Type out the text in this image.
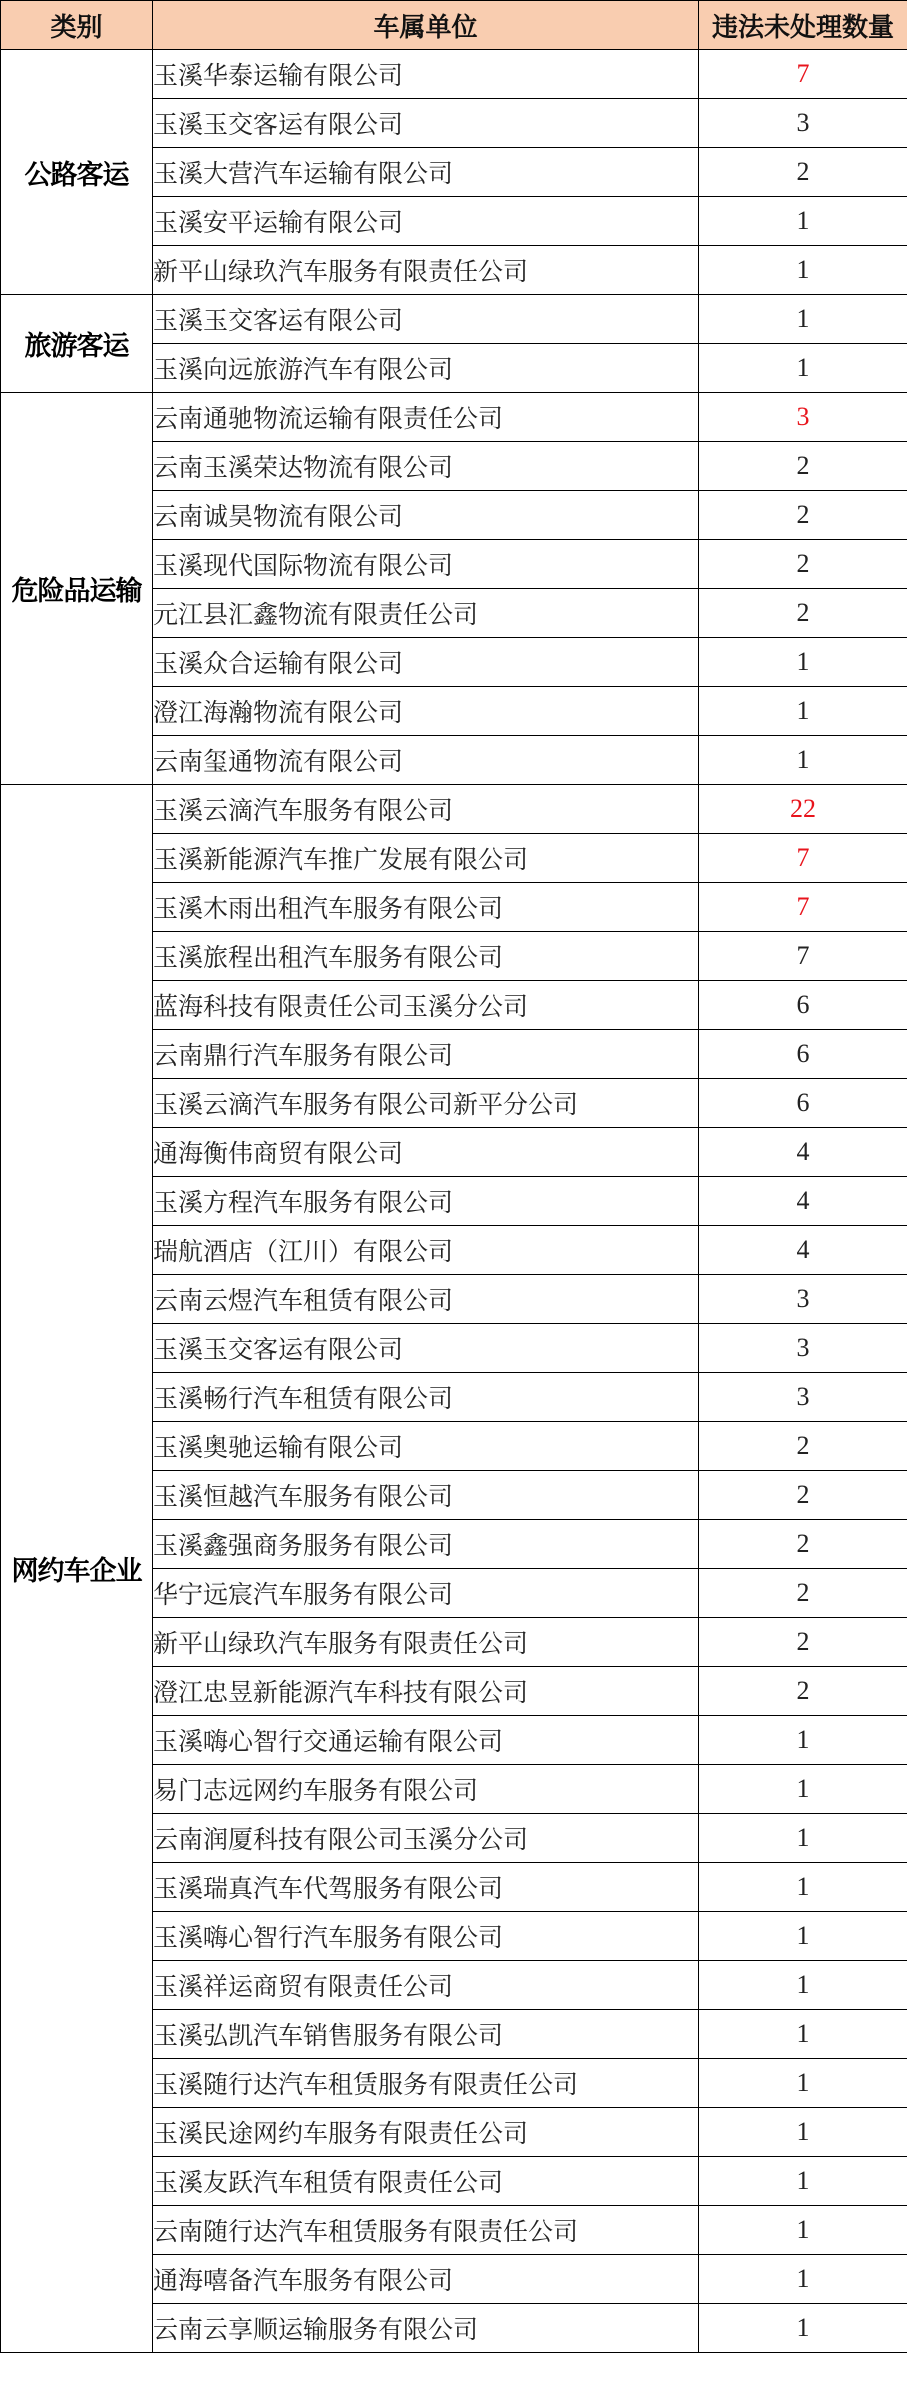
类别	车属单位	违法未处理数量
公路客运	玉溪华泰运输有限公司	7
	玉溪玉交客运有限公司	3
	玉溪大营汽车运输有限公司	2
	玉溪安平运输有限公司	1
	新平山绿玖汽车服务有限责任公司	1
旅游客运	玉溪玉交客运有限公司	1
	玉溪向远旅游汽车有限公司	1
危险品运输	云南通驰物流运输有限责任公司	3
	云南玉溪荣达物流有限公司	2
	云南诚昊物流有限公司	2
	玉溪现代国际物流有限公司	2
	元江县汇鑫物流有限责任公司	2
	玉溪众合运输有限公司	1
	澄江海瀚物流有限公司	1
	云南玺通物流有限公司	1
网约车企业	玉溪云滴汽车服务有限公司	22
	玉溪新能源汽车推广发展有限公司	7
	玉溪木雨出租汽车服务有限公司	7
	玉溪旅程出租汽车服务有限公司	7
	蓝海科技有限责任公司玉溪分公司	6
	云南鼎行汽车服务有限公司	6
	玉溪云滴汽车服务有限公司新平分公司	6
	通海衡伟商贸有限公司	4
	玉溪方程汽车服务有限公司	4
	瑞航酒店（江川）有限公司	4
	云南云煜汽车租赁有限公司	3
	玉溪玉交客运有限公司	3
	玉溪畅行汽车租赁有限公司	3
	玉溪奥驰运输有限公司	2
	玉溪恒越汽车服务有限公司	2
	玉溪鑫强商务服务有限公司	2
	华宁远宸汽车服务有限公司	2
	新平山绿玖汽车服务有限责任公司	2
	澄江忠昱新能源汽车科技有限公司	2
	玉溪嗨心智行交通运输有限公司	1
	易门志远网约车服务有限公司	1
	云南润厦科技有限公司玉溪分公司	1
	玉溪瑞真汽车代驾服务有限公司	1
	玉溪嗨心智行汽车服务有限公司	1
	玉溪祥运商贸有限责任公司	1
	玉溪弘凯汽车销售服务有限公司	1
	玉溪随行达汽车租赁服务有限责任公司	1
	玉溪民途网约车服务有限责任公司	1
	玉溪友跃汽车租赁有限责任公司	1
	云南随行达汽车租赁服务有限责任公司	1
	通海嘻备汽车服务有限公司	1
	云南云享顺运输服务有限公司	1
